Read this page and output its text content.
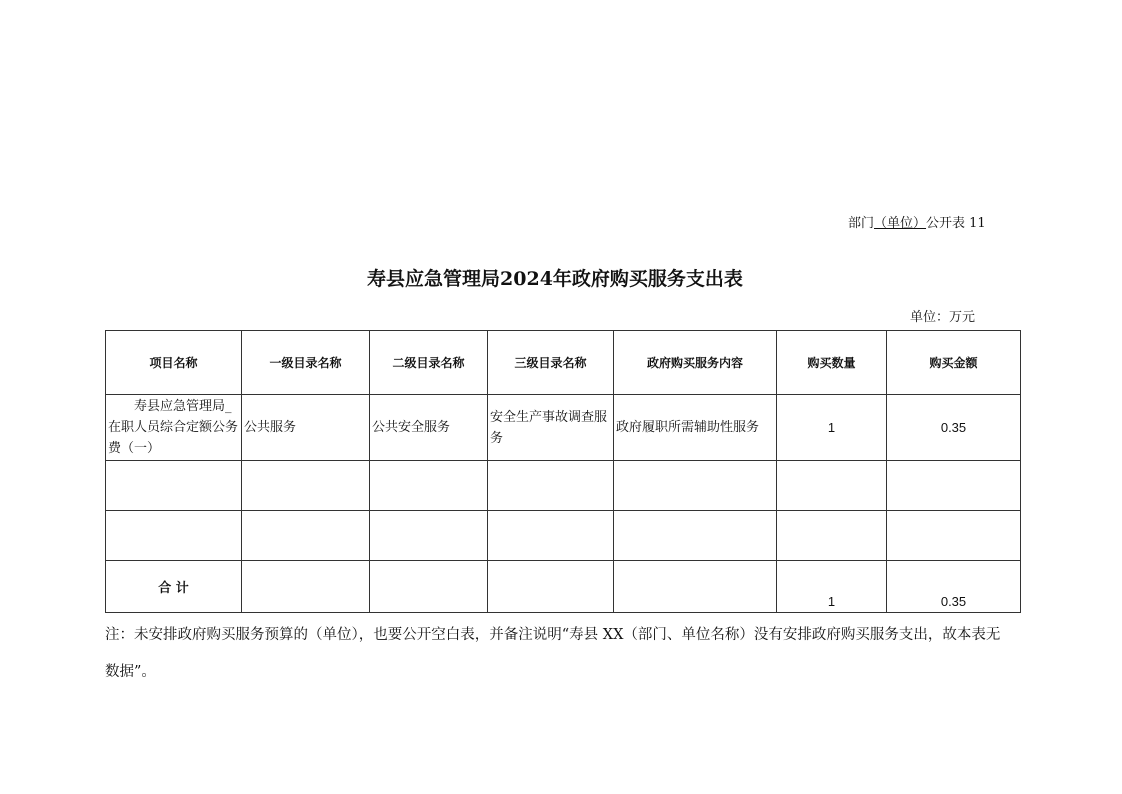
部门（单位）公开表 11
寿县应急管理局2024年政府购买服务支出表
单位：万元
项目名称	一级目录名称	二级目录名称	三级目录名称	政府购买服务内容	购买数量	购买金额
寿县应急管理局_在职人员综合定额公务费（一）	公共服务	公共安全服务	安全生产事故调查服务	政府履职所需辅助性服务	1	0.35

合 计					1	0.35
注：未安排政府购买服务预算的（单位），也要公开空白表，并备注说明“寿县 XX（部门、单位名称）没有安排政府购买服务支出，故本表无
数据”。
